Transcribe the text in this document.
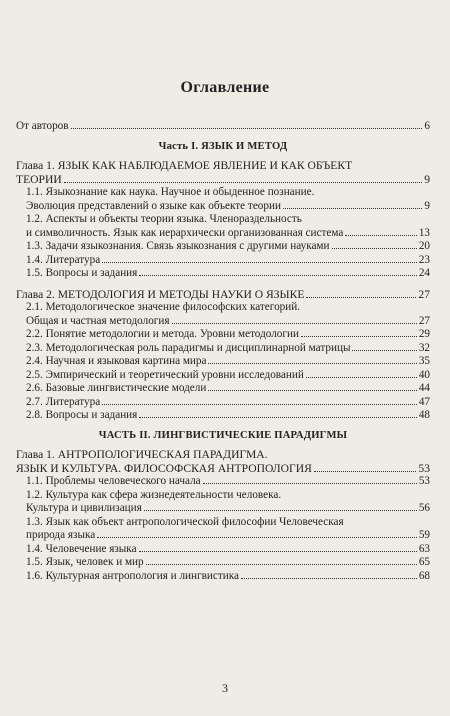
Оглавление
От авторов	6
Часть I. ЯЗЫК И МЕТОД
Глава 1. ЯЗЫК КАК НАБЛЮДАЕМОЕ ЯВЛЕНИЕ И КАК ОБЪЕКТ
ТЕОРИИ	9
1.1. Языкознание как наука. Научное и обыденное познание.
Эволюция представлений о языке как объекте теории	9
1.2. Аспекты и объекты теории языка. Членораздельность
и символичность. Язык как иерархически организованная система	13
1.3. Задачи языкознания. Связь языкознания с другими науками	20
1.4. Литература	23
1.5. Вопросы и задания	24
Глава 2. МЕТОДОЛОГИЯ И МЕТОДЫ НАУКИ О ЯЗЫКЕ	27
2.1. Методологическое значение философских категорий.
Общая и частная методология	27
2.2. Понятие методологии и метода. Уровни методологии	29
2.3. Методологическая роль парадигмы и дисциплинарной матрицы	32
2.4. Научная и языковая картина мира	35
2.5. Эмпирический и теоретический уровни исследований	40
2.6. Базовые лингвистические модели	44
2.7. Литература	47
2.8. Вопросы и задания	48
ЧАСТЬ II. ЛИНГВИСТИЧЕСКИЕ ПАРАДИГМЫ
Глава 1. АНТРОПОЛОГИЧЕСКАЯ ПАРАДИГМА.
ЯЗЫК И КУЛЬТУРА. ФИЛОСОФСКАЯ АНТРОПОЛОГИЯ	53
1.1. Проблемы человеческого начала	53
1.2. Культура как сфера жизнедеятельности человека.
Культура и цивилизация	56
1.3. Язык как объект антропологической философии Человеческая
природа языка	59
1.4. Человечение языка	63
1.5. Язык, человек и мир	65
1.6. Культурная антропология и лингвистика	68
3
